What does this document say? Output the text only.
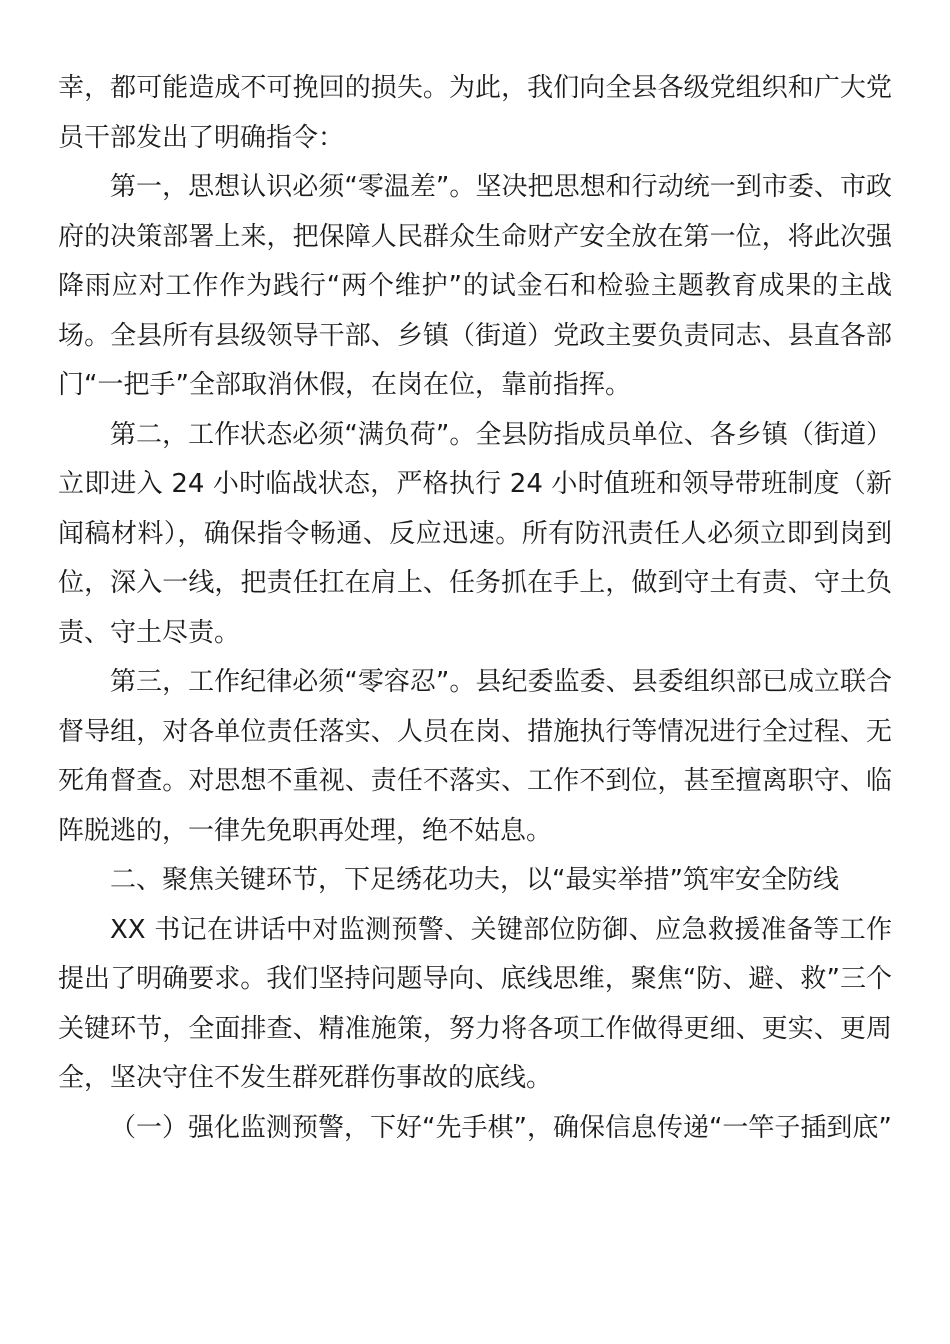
幸，都可能造成不可挽回的损失。为此，我们向全县各级党组织和广大党员干部发出了明确指令：

第一，思想认识必须“零温差”。坚决把思想和行动统一到市委、市政府的决策部署上来，把保障人民群众生命财产安全放在第一位，将此次强降雨应对工作作为践行“两个维护”的试金石和检验主题教育成果的主战场。全县所有县级领导干部、乡镇（街道）党政主要负责同志、县直各部门“一把手”全部取消休假，在岗在位，靠前指挥。

第二，工作状态必须“满负荷”。全县防指成员单位、各乡镇（街道）立即进入 24 小时临战状态，严格执行 24 小时值班和领导带班制度（新闻稿材料），确保指令畅通、反应迅速。所有防汛责任人必须立即到岗到位，深入一线，把责任扛在肩上、任务抓在手上，做到守土有责、守土负责、守土尽责。

第三，工作纪律必须“零容忍”。县纪委监委、县委组织部已成立联合督导组，对各单位责任落实、人员在岗、措施执行等情况进行全过程、无死角督查。对思想不重视、责任不落实、工作不到位，甚至擅离职守、临阵脱逃的，一律先免职再处理，绝不姑息。

二、聚焦关键环节，下足绣花功夫，以“最实举措”筑牢安全防线

XX 书记在讲话中对监测预警、关键部位防御、应急救援准备等工作提出了明确要求。我们坚持问题导向、底线思维，聚焦“防、避、救”三个关键环节，全面排查、精准施策，努力将各项工作做得更细、更实、更周全，坚决守住不发生群死群伤事故的底线。

（一）强化监测预警，下好“先手棋”，确保信息传递“一竿子插到底”
